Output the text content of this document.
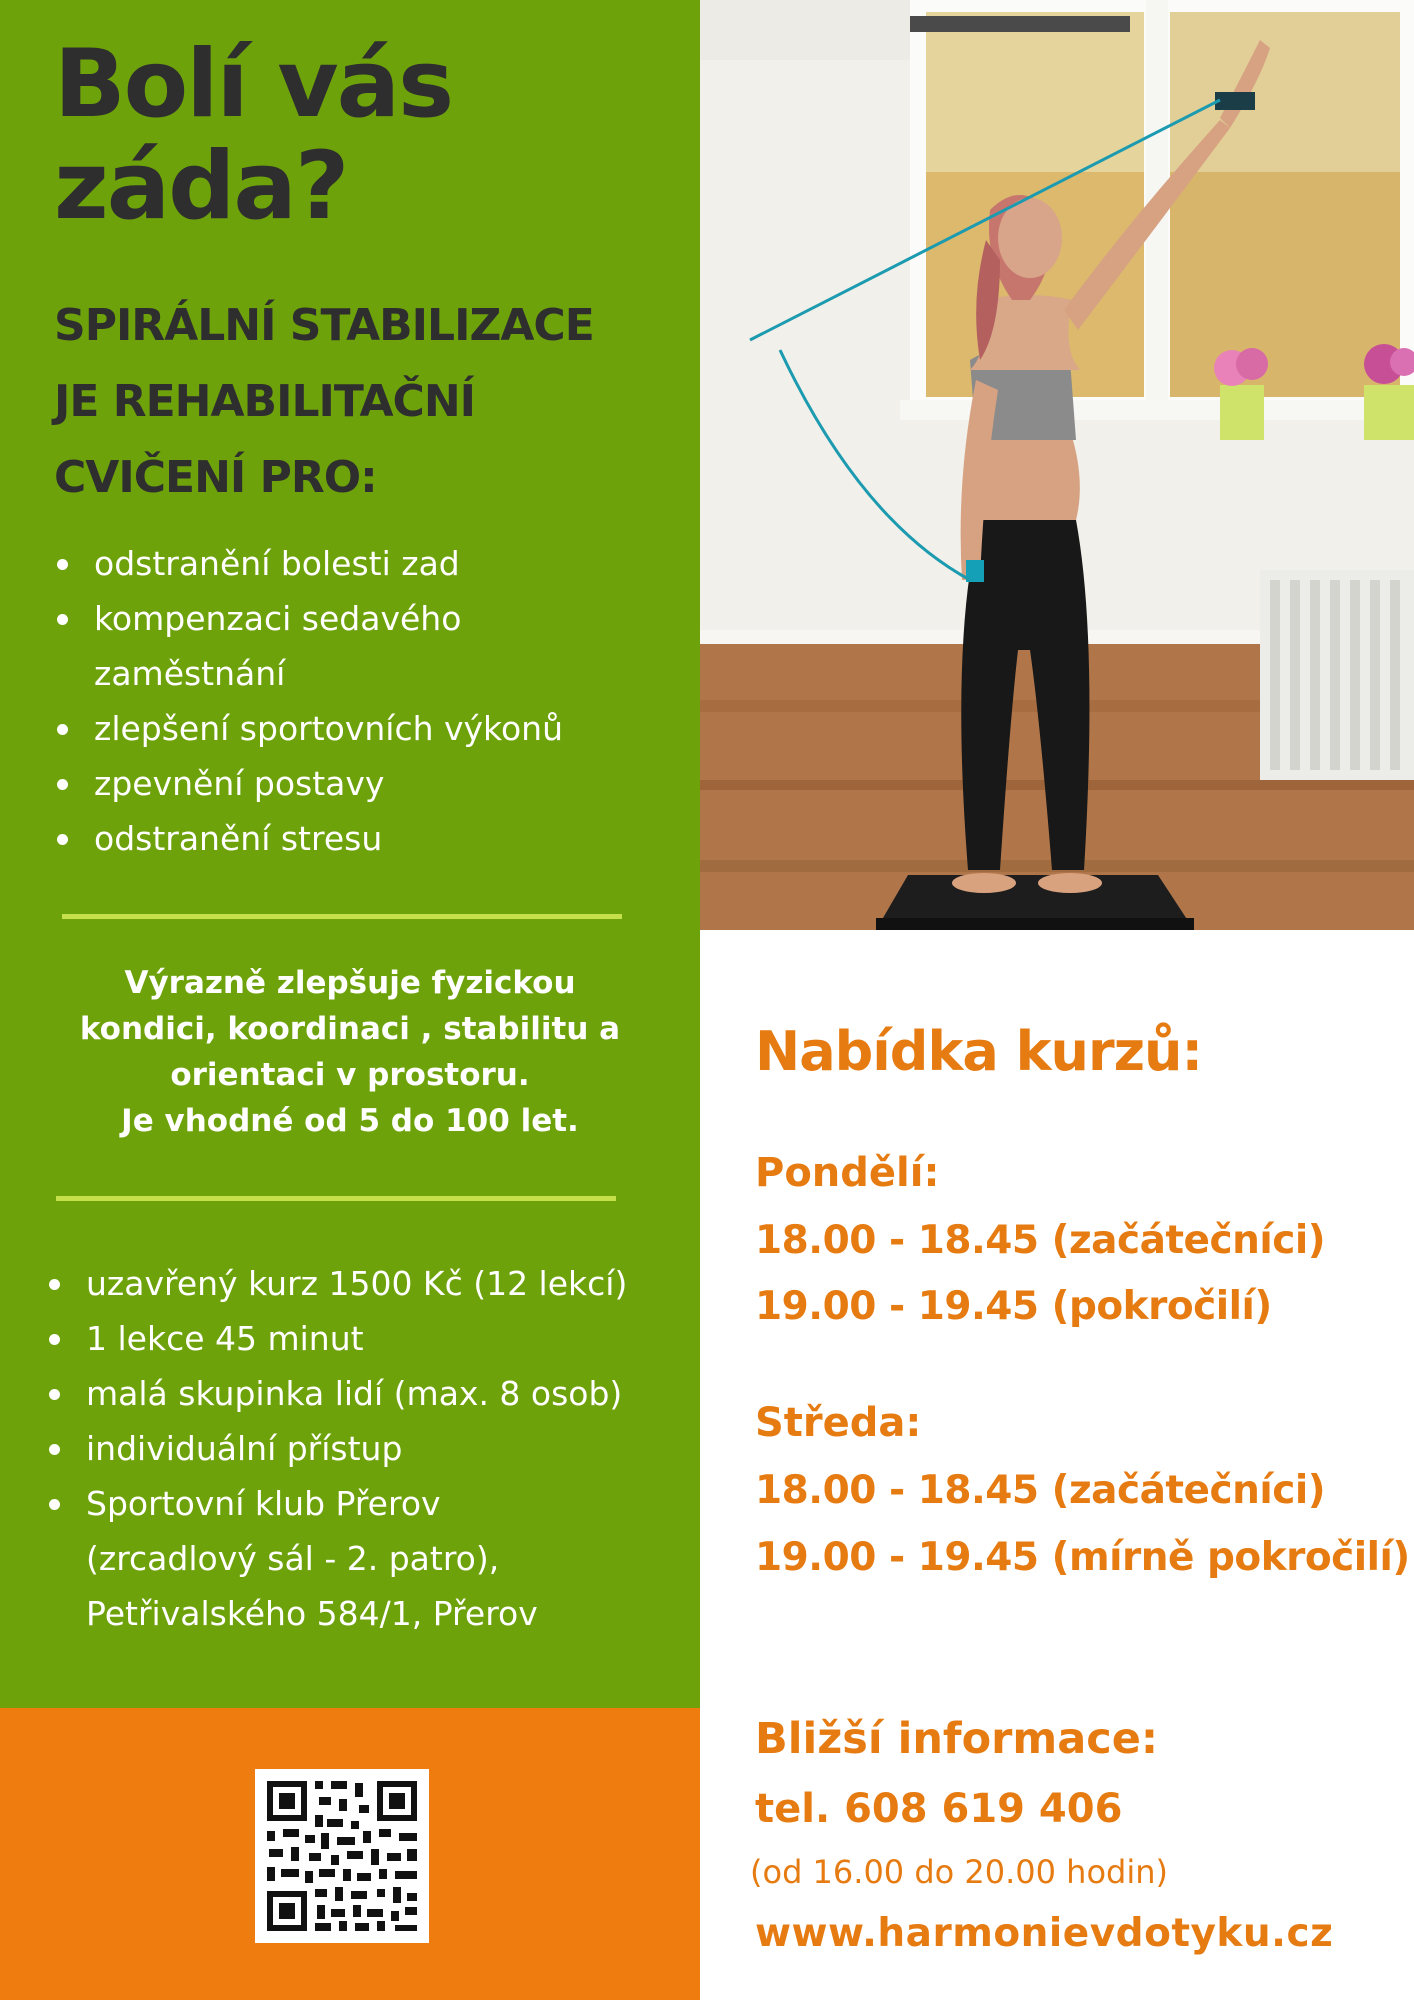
Bolí vás
záda?
SPIRÁLNÍ STABILIZACE
JE REHABILITAČNÍ
CVIČENÍ PRO:
odstranění bolesti zad
kompenzaci sedavého
zaměstnání
zlepšení sportovních výkonů
zpevnění postavy
odstranění stresu
Výrazně zlepšuje fyzickou
kondici, koordinaci , stabilitu a
orientaci v prostoru.
Je vhodné od 5 do 100 let.
uzavřený kurz 1500 Kč (12 lekcí)
1 lekce 45 minut
malá skupinka lidí (max. 8 osob)
individuální přístup
Sportovní klub Přerov
(zrcadlový sál - 2. patro),
Petřivalského 584/1, Přerov
Nabídka kurzů:
Pondělí:
18.00 - 18.45 (začátečníci)
19.00 - 19.45 (pokročilí)
Středa:
18.00 - 18.45 (začátečníci)
19.00 - 19.45 (mírně pokročilí)
Bližší informace:
tel. 608 619 406
(od 16.00 do 20.00 hodin)
www.harmonievdotyku.cz
